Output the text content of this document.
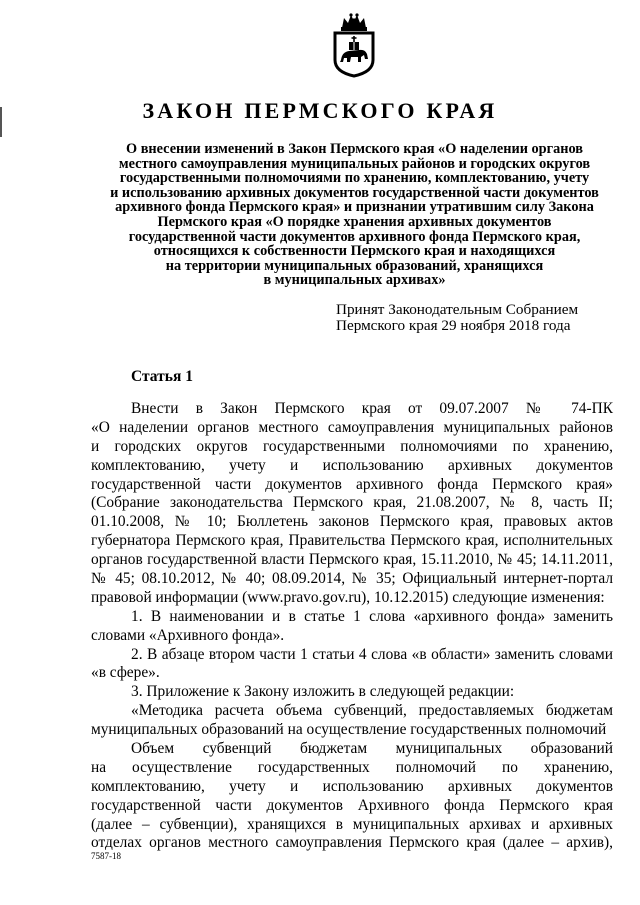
ЗАКОН ПЕРМСКОГО КРАЯ
О внесении изменений в Закон Пермского края «О наделении органов
местного самоуправления муниципальных районов и городских округов
государственными полномочиями по хранению, комплектованию, учету
и использованию архивных документов государственной части документов
архивного фонда Пермского края» и признании утратившим силу Закона
Пермского края «О порядке хранения архивных документов
государственной части документов архивного фонда Пермского края,
относящихся к собственности Пермского края и находящихся
на территории муниципальных образований, хранящихся
в муниципальных архивах»
Принят Законодательным Собранием
Пермского края 29 ноября 2018 года
Статья 1
Внести в Закон Пермского края от 09.07.2007 № 74-ПК
«О наделении органов местного самоуправления муниципальных районов
и городских округов государственными полномочиями по хранению,
комплектованию, учету и использованию архивных документов
государственной части документов архивного фонда Пермского края»
(Собрание законодательства Пермского края, 21.08.2007, № 8, часть II;
01.10.2008, № 10; Бюллетень законов Пермского края, правовых актов
губернатора Пермского края, Правительства Пермского края, исполнительных
органов государственной власти Пермского края, 15.11.2010, № 45; 14.11.2011,
№ 45; 08.10.2012, № 40; 08.09.2014, № 35; Официальный интернет-портал
правовой информации (www.pravo.gov.ru), 10.12.2015) следующие изменения:
1. В наименовании и в статье 1 слова «архивного фонда» заменить
словами «Архивного фонда».
2. В абзаце втором части 1 статьи 4 слова «в области» заменить словами
«в сфере».
3. Приложение к Закону изложить в следующей редакции:
«Методика расчета объема субвенций, предоставляемых бюджетам
муниципальных образований на осуществление государственных полномочий
Объем субвенций бюджетам муниципальных образований
на осуществление государственных полномочий по хранению,
комплектованию, учету и использованию архивных документов
государственной части документов Архивного фонда Пермского края
(далее – субвенции), хранящихся в муниципальных архивах и архивных
отделах органов местного самоуправления Пермского края (далее – архив),
7587-18
